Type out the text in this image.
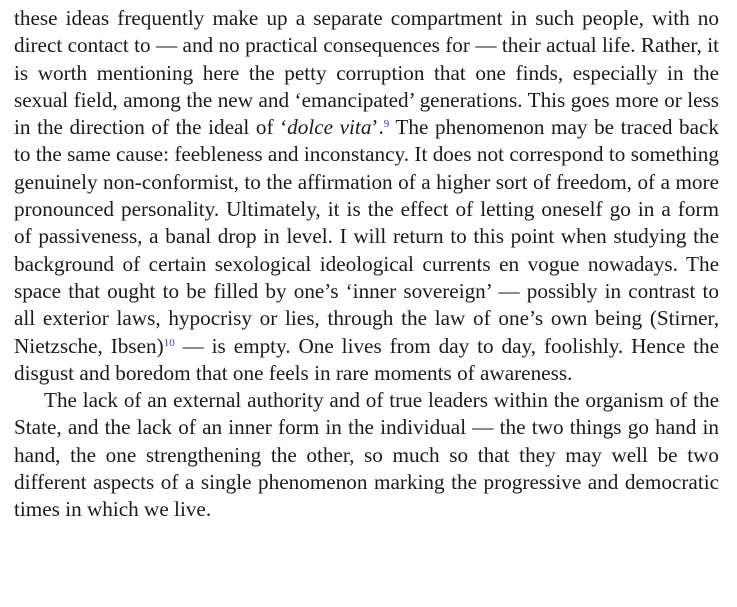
these ideas frequently make up a separate compartment in such people, with no direct contact to — and no practical consequences for — their actual life. Rather, it is worth mentioning here the petty corruption that one finds, especially in the sexual field, among the new and ‘emancipated’ generations. This goes more or less in the direction of the ideal of ‘dolce vita’.$^9$ The phenomenon may be traced back to the same cause: feebleness and inconstancy. It does not correspond to something genuinely non-conformist, to the affirmation of a higher sort of freedom, of a more pronounced personality. Ultimately, it is the effect of letting oneself go in a form of passiveness, a banal drop in level. I will return to this point when studying the background of certain sexological ideological currents en vogue nowadays. The space that ought to be filled by one’s ‘inner sovereign’ — possibly in contrast to all exterior laws, hypocrisy or lies, through the law of one’s own being (Stirner, Nietzsche, Ibsen)$^{10}$ — is empty. One lives from day to day, foolishly. Hence the disgust and boredom that one feels in rare moments of awareness.

The lack of an external authority and of true leaders within the organism of the State, and the lack of an inner form in the individual — the two things go hand in hand, the one strengthening the other, so much so that they may well be two different aspects of a single phenomenon marking the progressive and democratic times in which we live.
